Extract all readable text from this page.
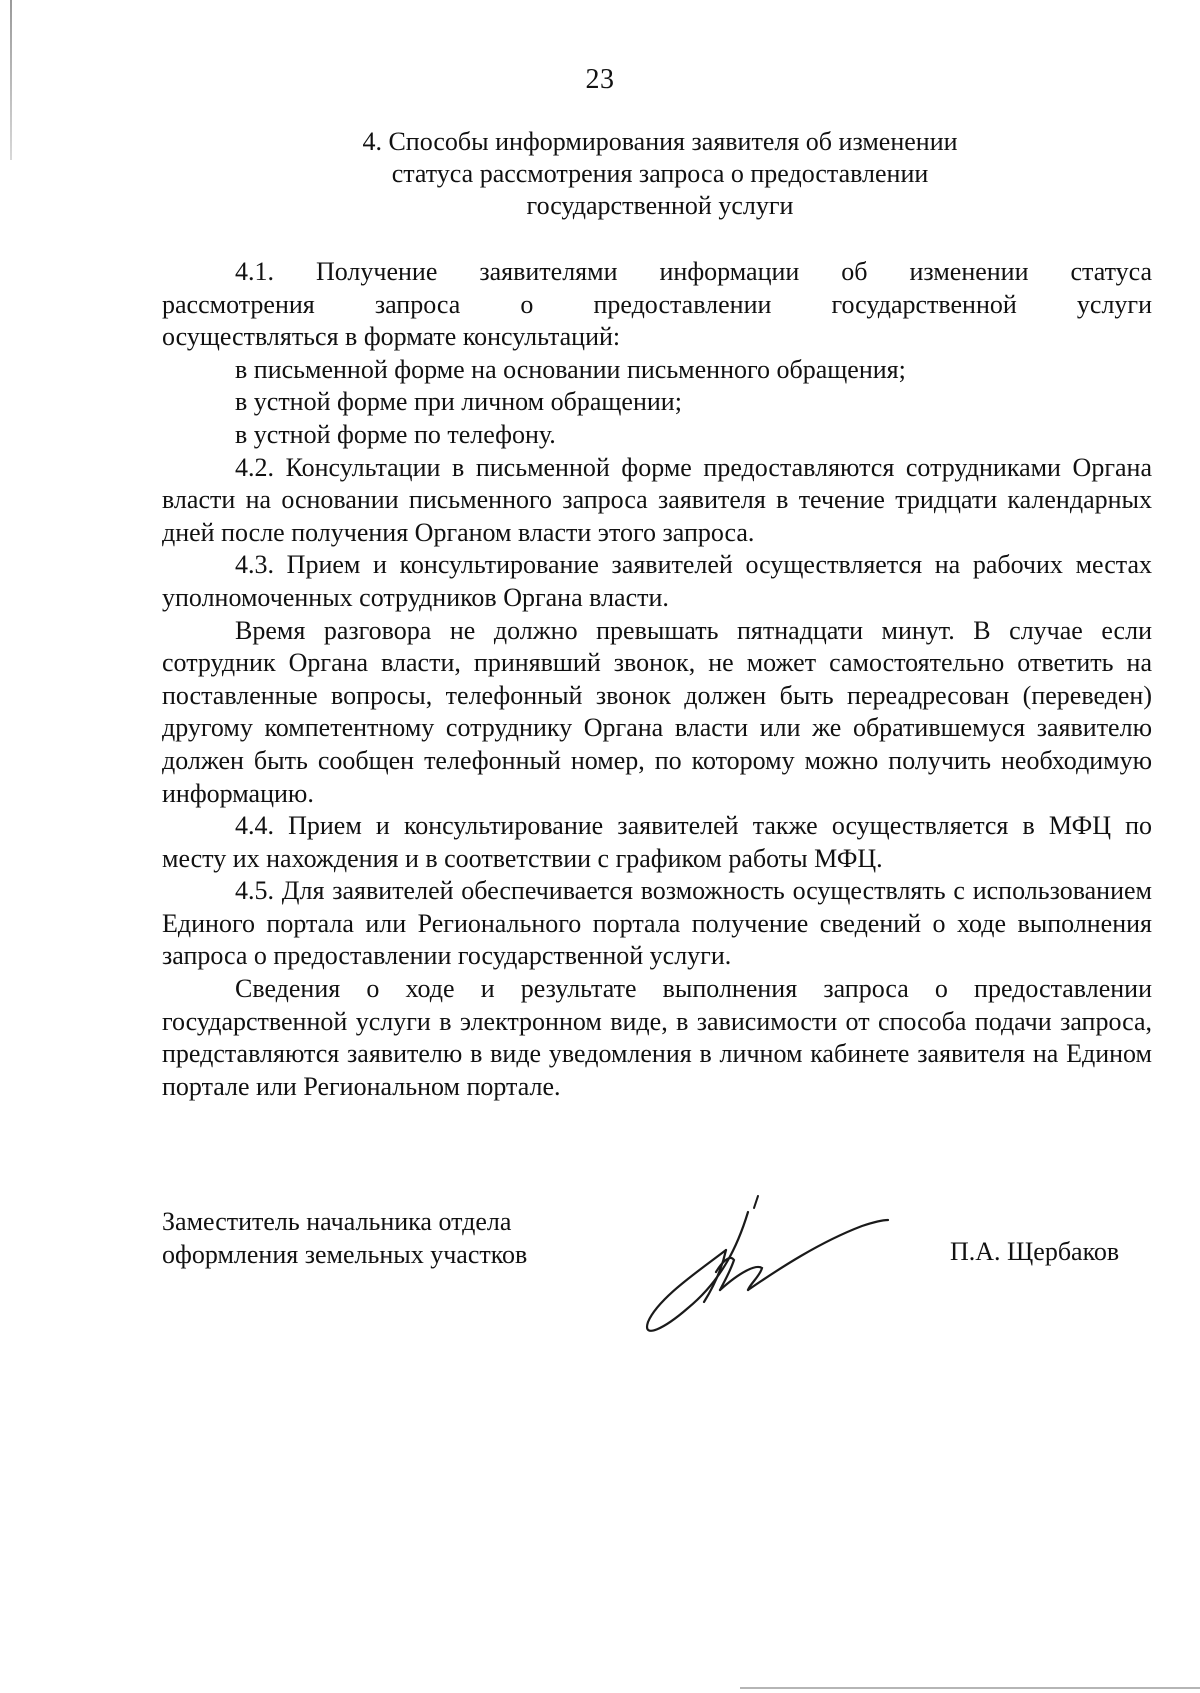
23
4. Способы информирования заявителя об изменении
статуса рассмотрения запроса о предоставлении
государственной услуги
4.1. Получение заявителями информации об изменении статуса
рассмотрения запроса о предоставлении государственной услуги
осуществляться в формате консультаций:

в письменной форме на основании письменного обращения;

в устной форме при личном обращении;

в устной форме по телефону.

4.2. Консультации в письменной форме предоставляются сотрудниками Органа власти на основании письменного запроса заявителя в течение тридцати календарных дней после получения Органом власти этого запроса.

4.3. Прием и консультирование заявителей осуществляется на рабочих местах уполномоченных сотрудников Органа власти.

Время разговора не должно превышать пятнадцати минут. В случае если сотрудник Органа власти, принявший звонок, не может самостоятельно ответить на поставленные вопросы, телефонный звонок должен быть переадресован (переведен) другому компетентному сотруднику Органа власти или же обратившемуся заявителю должен быть сообщен телефонный номер, по которому можно получить необходимую информацию.

4.4. Прием и консультирование заявителей также осуществляется в МФЦ по месту их нахождения и в соответствии с графиком работы МФЦ.

4.5. Для заявителей обеспечивается возможность осуществлять с использованием Единого портала или Регионального портала получение сведений о ходе выполнения запроса о предоставлении государственной услуги.

Сведения о ходе и результате выполнения запроса о предоставлении государственной услуги в электронном виде, в зависимости от способа подачи запроса, представляются заявителю в виде уведомления в личном кабинете заявителя на Едином портале или Региональном портале.

Заместитель начальника отдела
оформления земельных участков	П.А. Щербаков
